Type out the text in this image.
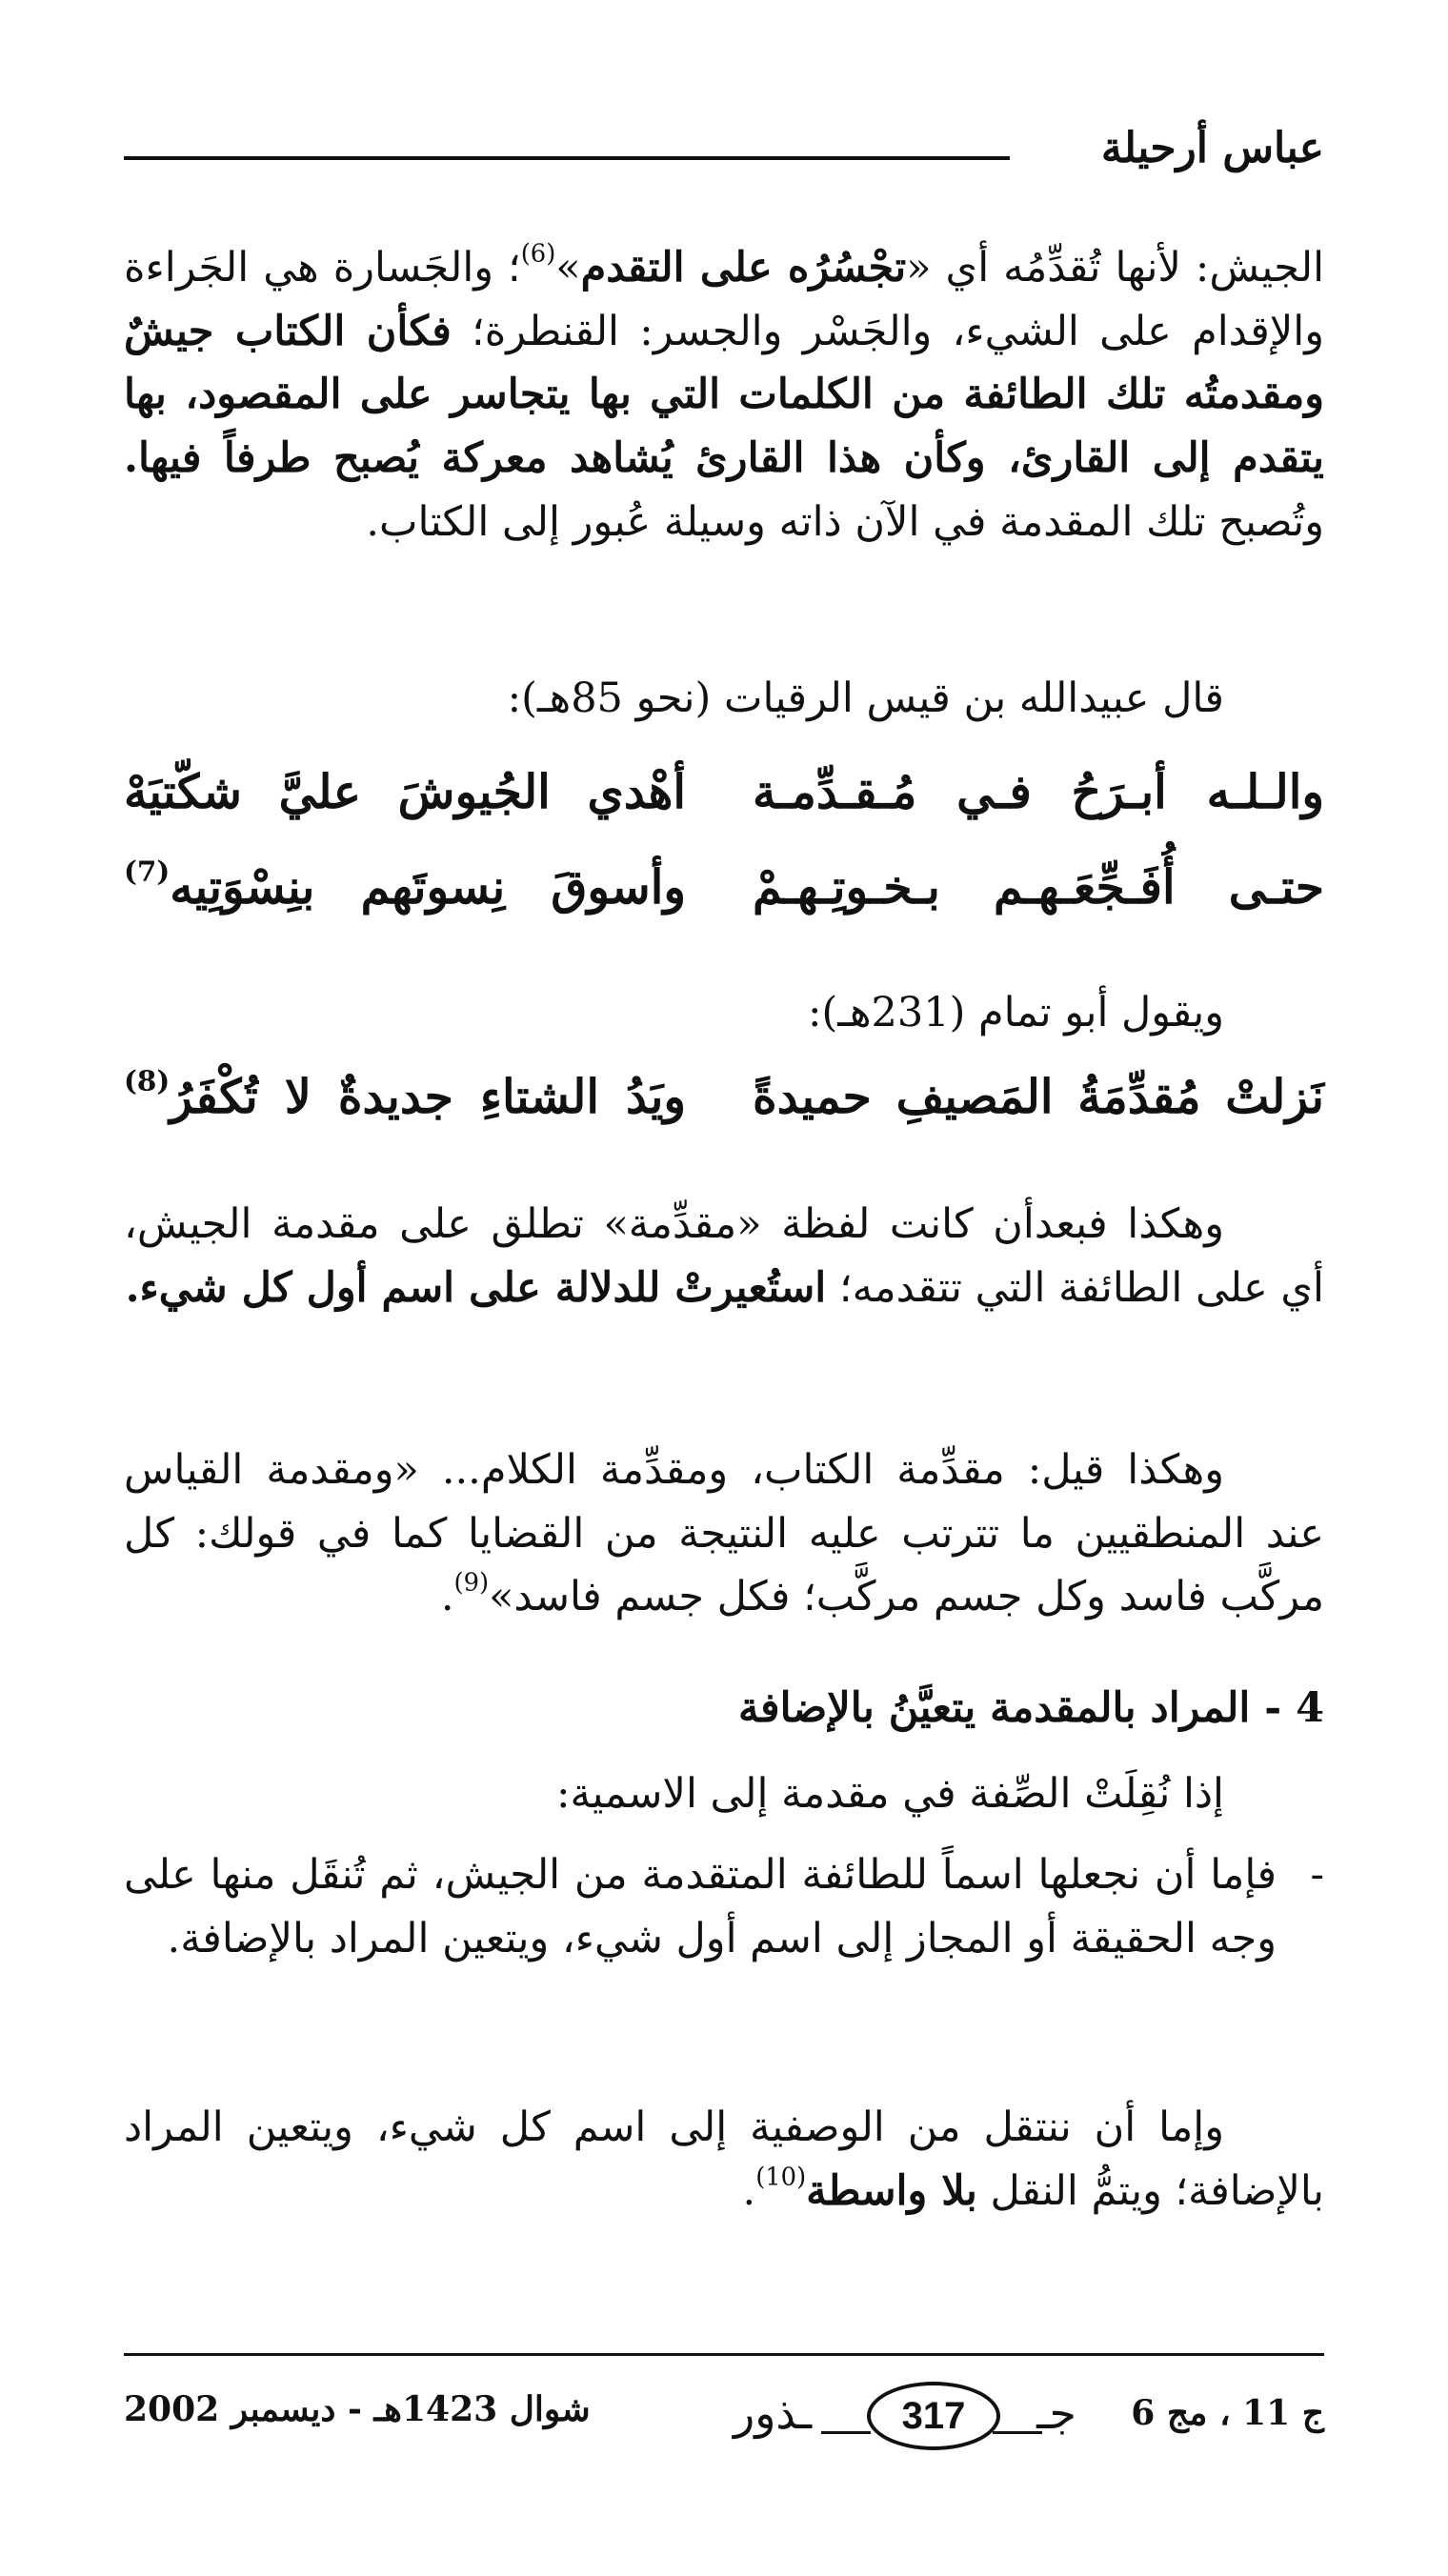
عباس أرحيلة
الجيش: لأنها تُقدِّمُه أي «تجْسُرُه على التقدم»$^{(6)}$؛ والجَسارة هي الجَراءة والإقدام على الشيء، والجَسْر والجسر: القنطرة؛ فكأن الكتاب جيشٌ ومقدمتُه تلك الطائفة من الكلمات التي بها يتجاسر على المقصود، بها يتقدم إلى القارئ، وكأن هذا القارئ يُشاهد معركة يُصبح طرفاً فيها. وتُصبح تلك المقدمة في الآن ذاته وسيلة عُبور إلى الكتاب.
قال عبيدالله بن قيس الرقيات (نحو 85هـ):
والـلـه أبـرَحُ فـي مُـقـدِّمـة
أهْدي الجُيوشَ عليَّ شكّتيَهْ
حتـى أُفَـجِّعَـهـم بـخـوتِـهـمْ
وأسوقَ نِسوتَهم بنِسْوَتِيه$^{(7)}$
ويقول أبو تمام (231هـ):
نَزلتْ مُقدِّمَةُ المَصيفِ حميدةً
ويَدُ الشتاءِ جديدةٌ لا تُكْفَرُ$^{(8)}$
وهكذا فبعدأن كانت لفظة «مقدِّمة» تطلق على مقدمة الجيش، أي على الطائفة التي تتقدمه؛ استُعيرتْ للدلالة على اسم أول كل شيء.
وهكذا قيل: مقدِّمة الكتاب، ومقدِّمة الكلام... «ومقدمة القياس عند المنطقيين ما تترتب عليه النتيجة من القضايا كما في قولك: كل مركَّب فاسد وكل جسم مركَّب؛ فكل جسم فاسد»$^{(9)}$.
4 - المراد بالمقدمة يتعيَّنُ بالإضافة
إذا نُقِلَتْ الصِّفة في مقدمة إلى الاسمية:
-
فإما أن نجعلها اسماً للطائفة المتقدمة من الجيش، ثم تُنقَل منها على وجه الحقيقة أو المجاز إلى اسم أول شيء، ويتعين المراد بالإضافة.
وإما أن ننتقل من الوصفية إلى اسم كل شيء، ويتعين المراد بالإضافة؛ ويتمُّ النقل بلا واسطة$^{(10)}$.
ج 11 ، مج 6
جـ
317
ـذور
شوال 1423هـ - ديسمبر 2002
